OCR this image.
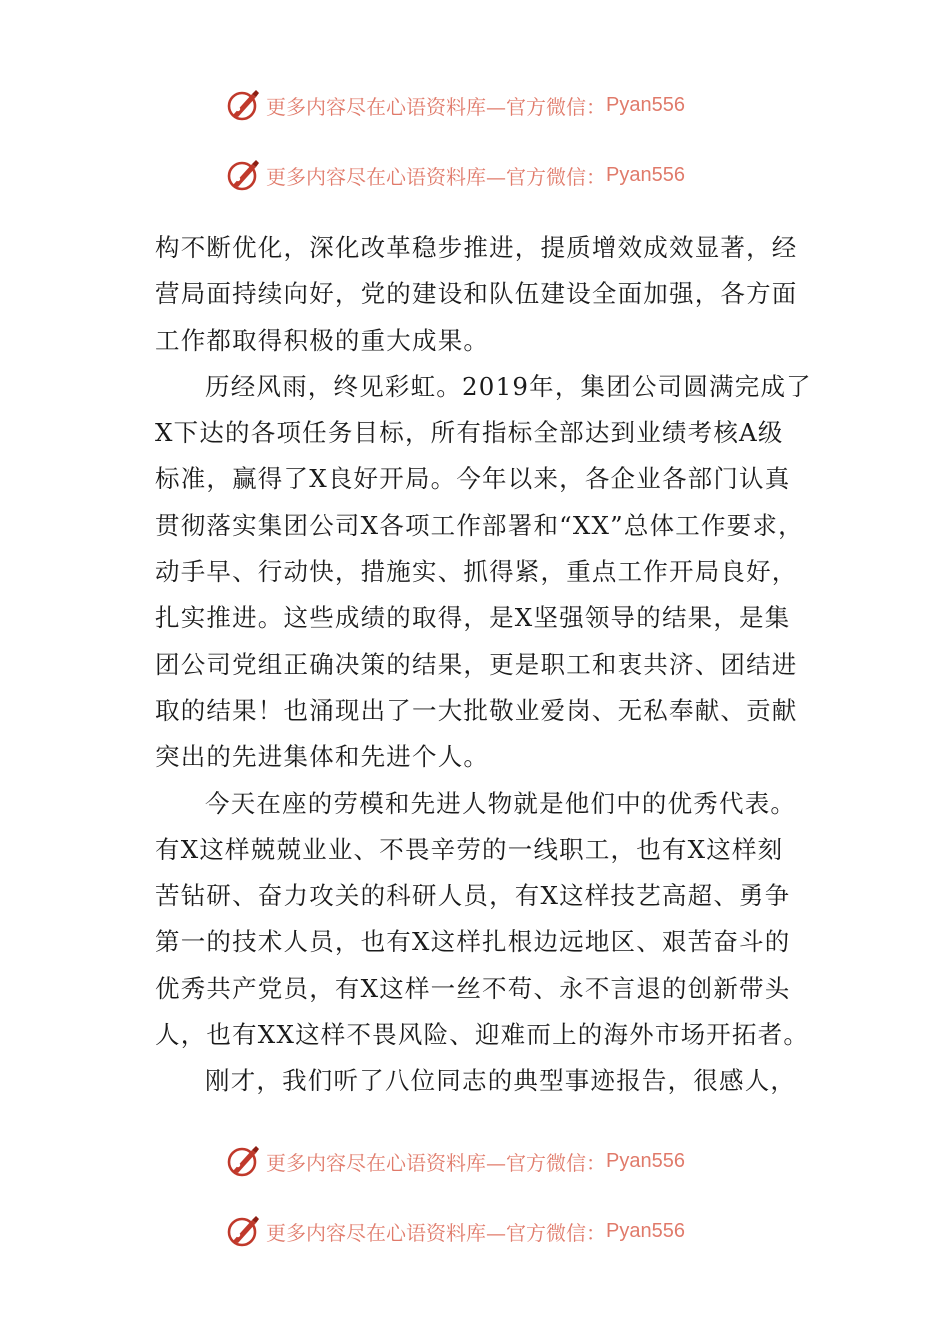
更多内容尽在心语资料库—官方微信： Pyan556
更多内容尽在心语资料库—官方微信： Pyan556
构不断优化，深化改革稳步推进，提质增效成效显著，经
营局面持续向好，党的建设和队伍建设全面加强，各方面
工作都取得积极的重大成果。
历经风雨，终见彩虹。2019年，集团公司圆满完成了
X下达的各项任务目标，所有指标全部达到业绩考核A级
标准，赢得了X良好开局。今年以来，各企业各部门认真
贯彻落实集团公司X各项工作部署和“XX”总体工作要求，
动手早、行动快，措施实、抓得紧，重点工作开局良好，
扎实推进。这些成绩的取得，是X坚强领导的结果，是集
团公司党组正确决策的结果，更是职工和衷共济、团结进
取的结果！也涌现出了一大批敬业爱岗、无私奉献、贡献
突出的先进集体和先进个人。
今天在座的劳模和先进人物就是他们中的优秀代表。
有X这样兢兢业业、不畏辛劳的一线职工，也有X这样刻
苦钻研、奋力攻关的科研人员，有X这样技艺高超、勇争
第一的技术人员，也有X这样扎根边远地区、艰苦奋斗的
优秀共产党员，有X这样一丝不苟、永不言退的创新带头
人，也有XX这样不畏风险、迎难而上的海外市场开拓者。
刚才，我们听了八位同志的典型事迹报告，很感人，
更多内容尽在心语资料库—官方微信： Pyan556
更多内容尽在心语资料库—官方微信： Pyan556
